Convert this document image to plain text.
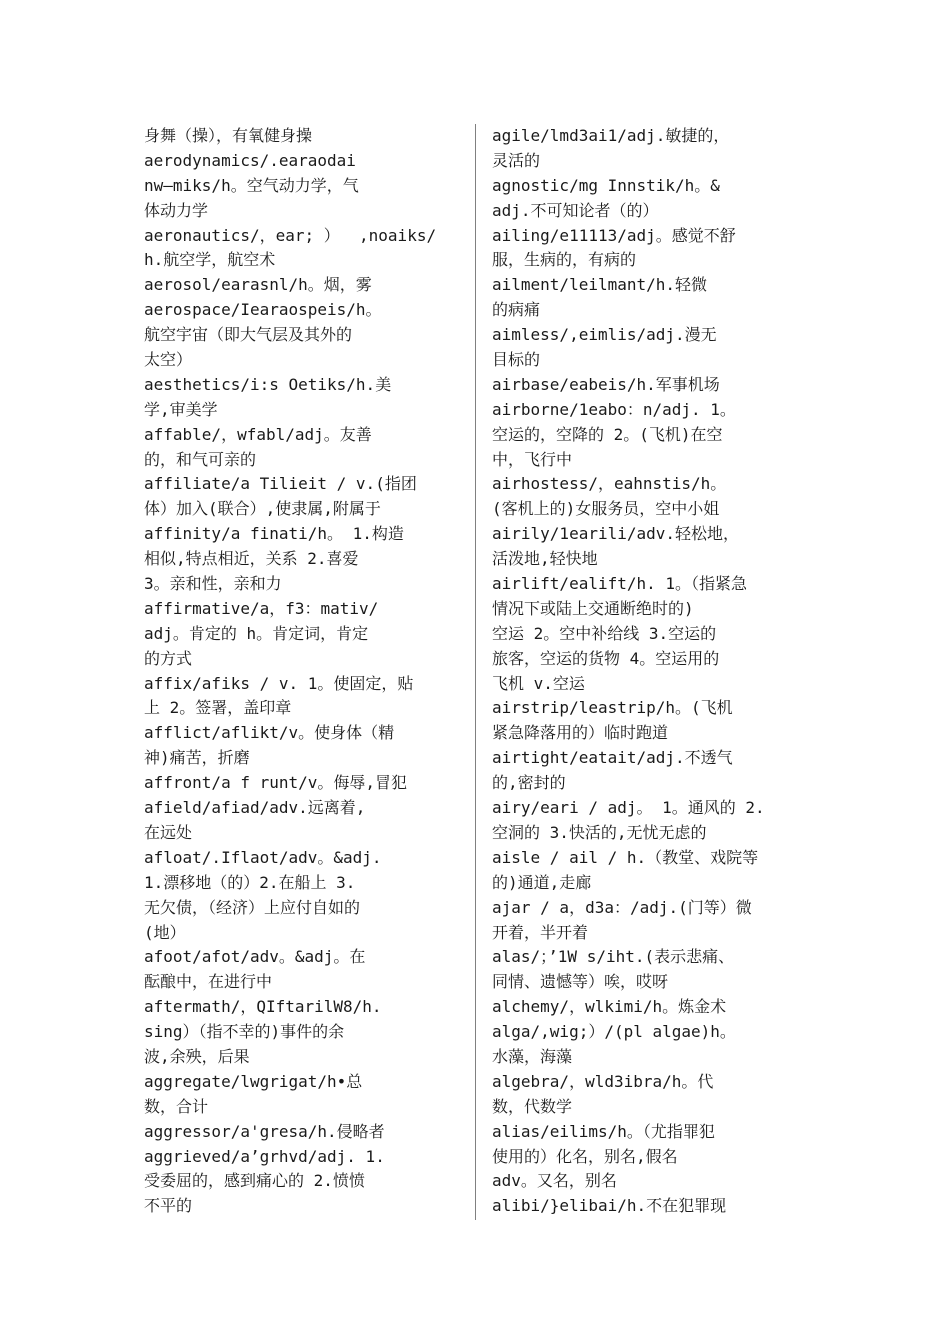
身舞（操），有氧健身操
aerodynamics/.earaodai
nw—miks/h。空气动力学，气
体动力学
aeronautics/，ear; ）  ,noaiks/
h.航空学，航空术
aerosol/earasnl/h。烟，雾
aerospace/Iearaospeis/h。
航空宇宙（即大气层及其外的
太空）
aesthetics/i:s Oetiks/h.美
学,审美学
affable/，wfabl/adj。友善
的，和气可亲的
affiliate/a Tilieit / v.(指团
体）加入(联合）,使隶属,附属于
affinity/a finati/h。 1.构造
相似,特点相近，关系 2.喜爱
3。亲和性，亲和力
affirmative/a，f3：mativ/
adj。肯定的 h。肯定词，肯定
的方式
affix/afiks / v. 1。使固定，贴
上 2。签署，盖印章
afflict/aflikt/v。使身体（精
神)痛苦，折磨
affront/a f runt/v。侮辱,冒犯
afield/afiad/adv.远离着,
在远处
afloat/.Iflaot/adv。&adj.
1.漂移地（的）2.在船上 3.
无欠债，（经济）上应付自如的
(地）
afoot/afot/adv。&adj。在
酝酿中，在进行中
aftermath/，QIftarilW8/h.
sing）（指不幸的)事件的余
波,余殃，后果
aggregate/lwgrigat/h•总
数，合计
aggressor/a'gresa/h.侵略者
aggrieved/a’grhvd/adj. 1.
受委屈的，感到痛心的 2.愤愤
不平的
agile/lmd3ai1/adj.敏捷的，
灵活的
agnostic/mg Innstik/h。&
adj.不可知论者（的）
ailing/e11113/adj。感觉不舒
服，生病的，有病的
ailment/leilmant/h.轻微
的病痛
aimless/,eimlis/adj.漫无
目标的
airbase/eabeis/h.军事机场
airborne/1eabo：n/adj. 1。
空运的，空降的 2。(飞机)在空
中，飞行中
airhostess/，eahnstis/h。
(客机上的)女服务员，空中小姐
airily/1earili/adv.轻松地，
活泼地,轻快地
airlift/ealift/h. 1。（指紧急
情况下或陆上交通断绝时的)
空运 2。空中补给线 3.空运的
旅客，空运的货物 4。空运用的
飞机 v.空运
airstrip/leastrip/h。(飞机
紧急降落用的）临时跑道
airtight/eatait/adj.不透气
的,密封的
airy/eari / adj。 1。通风的 2.
空洞的 3.快活的,无忧无虑的
aisle / ail / h.（教堂、戏院等
的)通道,走廊
ajar / a，d3a：/adj.(门等）微
开着，半开着
alas/；’1W s/iht.(表示悲痛、
同情、遗憾等）唉，哎呀
alchemy/，wlkimi/h。炼金术
alga/,wig;）/(pl algae)h。
水藻，海藻
algebra/，wld3ibra/h。代
数，代数学
alias/eilims/h。（尤指罪犯
使用的）化名，别名,假名
adv。又名，别名
alibi/}elibai/h.不在犯罪现
